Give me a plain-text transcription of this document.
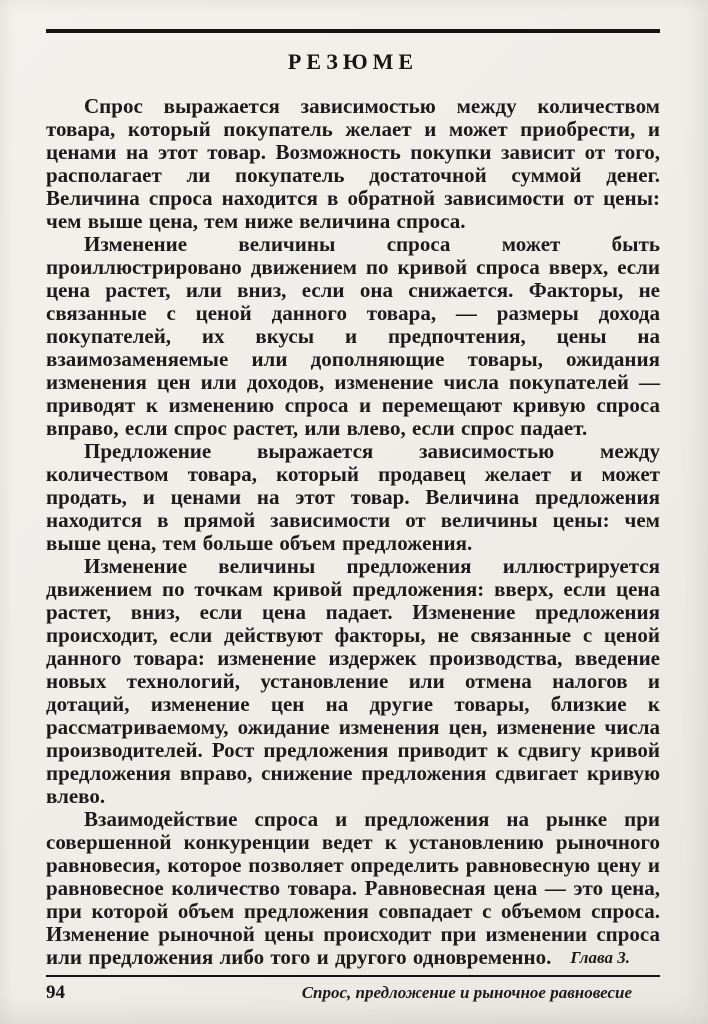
РЕЗЮМЕ

Спрос выражается зависимостью между количеством товара, который покупатель желает и может приобрести, и ценами на этот товар. Возможность покупки зависит от того, располагает ли покупатель достаточной суммой денег. Величина спроса находится в обратной зависимости от цены: чем выше цена, тем ниже величина спроса.

Изменение величины спроса может быть проиллюстрировано движением по кривой спроса вверх, если цена растет, или вниз, если она снижается. Факторы, не связанные с ценой данного товара, — размеры дохода покупателей, их вкусы и предпочтения, цены на взаимозаменяемые или дополняющие товары, ожидания изменения цен или доходов, изменение числа покупателей — приводят к изменению спроса и перемещают кривую спроса вправо, если спрос растет, или влево, если спрос падает.

Предложение выражается зависимостью между количеством товара, который продавец желает и может продать, и ценами на этот товар. Величина предложения находится в прямой зависимости от величины цены: чем выше цена, тем больше объем предложения.

Изменение величины предложения иллюстрируется движением по точкам кривой предложения: вверх, если цена растет, вниз, если цена падает. Изменение предложения происходит, если действуют факторы, не связанные с ценой данного товара: изменение издержек производства, введение новых технологий, установление или отмена налогов и дотаций, изменение цен на другие товары, близкие к рассматриваемому, ожидание изменения цен, изменение числа производителей. Рост предложения приводит к сдвигу кривой предложения вправо, снижение предложения сдвигает кривую влево.

Взаимодействие спроса и предложения на рынке при совершенной конкуренции ведет к установлению рыночного равновесия, которое позволяет определить равновесную цену и равновесное количество товара. Равновесная цена — это цена, при которой объем предложения совпадает с объемом спроса. Изменение рыночной цены происходит при изменении спроса или предложения либо того и другого одновременно.	Глава 3.
94	Спрос, предложение и рыночное равновесие
